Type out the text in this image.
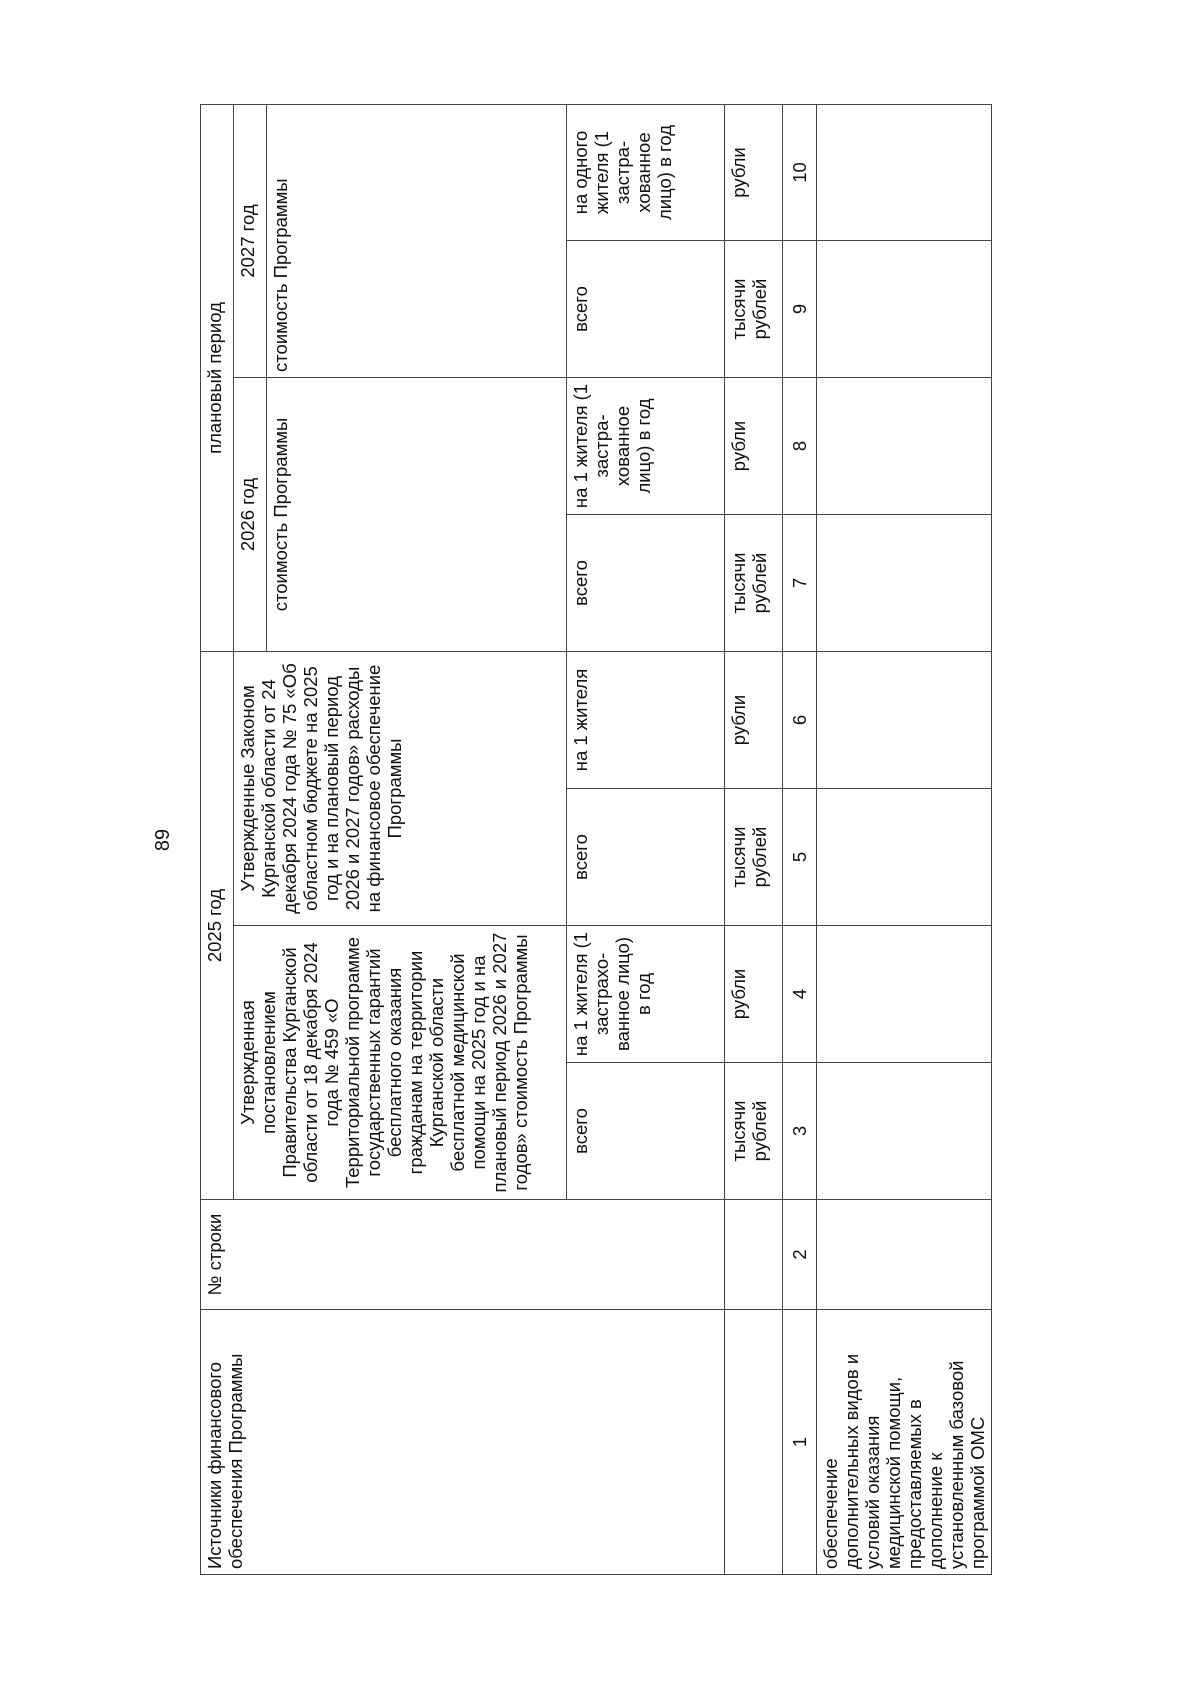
89
Источники финансового обеспечения Программы	№ строки	2025 год				плановый период			
		Утвержденная постановлением Правительства Курганской области от 18 декабря 2024 года № 459 «О Территориальной программе государственных гарантий бесплатного оказания гражданам на территории Курганской области бесплатной медицинской помощи на 2025 год и на плановый период 2026 и 2027 годов» стоимость Программы		Утвержденные Законом Курганской области от 24 декабря 2024 года № 75 «Об областном бюджете на 2025 год и на плановый период 2026 и 2027 годов» расходы на финансовое обеспечение Программы		2026 год		2027 год	
						стоимость Программы		стоимость Программы	
		всего	на 1 жителя (1 застрахо-ванное лицо) в год	всего	на 1 жителя	всего	на 1 жителя (1 застра-хованное лицо) в год	всего	на одного жителя (1 застра-хованное лицо) в год
		тысячи рублей	рубли	тысячи рублей	рубли	тысячи рублей	рубли	тысячи рублей	рубли
1	2	3	4	5	6	7	8	9	10
обеспечение дополнительных видов и условий оказания медицинской помощи, предоставляемых в дополнение к установленным базовой программой ОМС									
